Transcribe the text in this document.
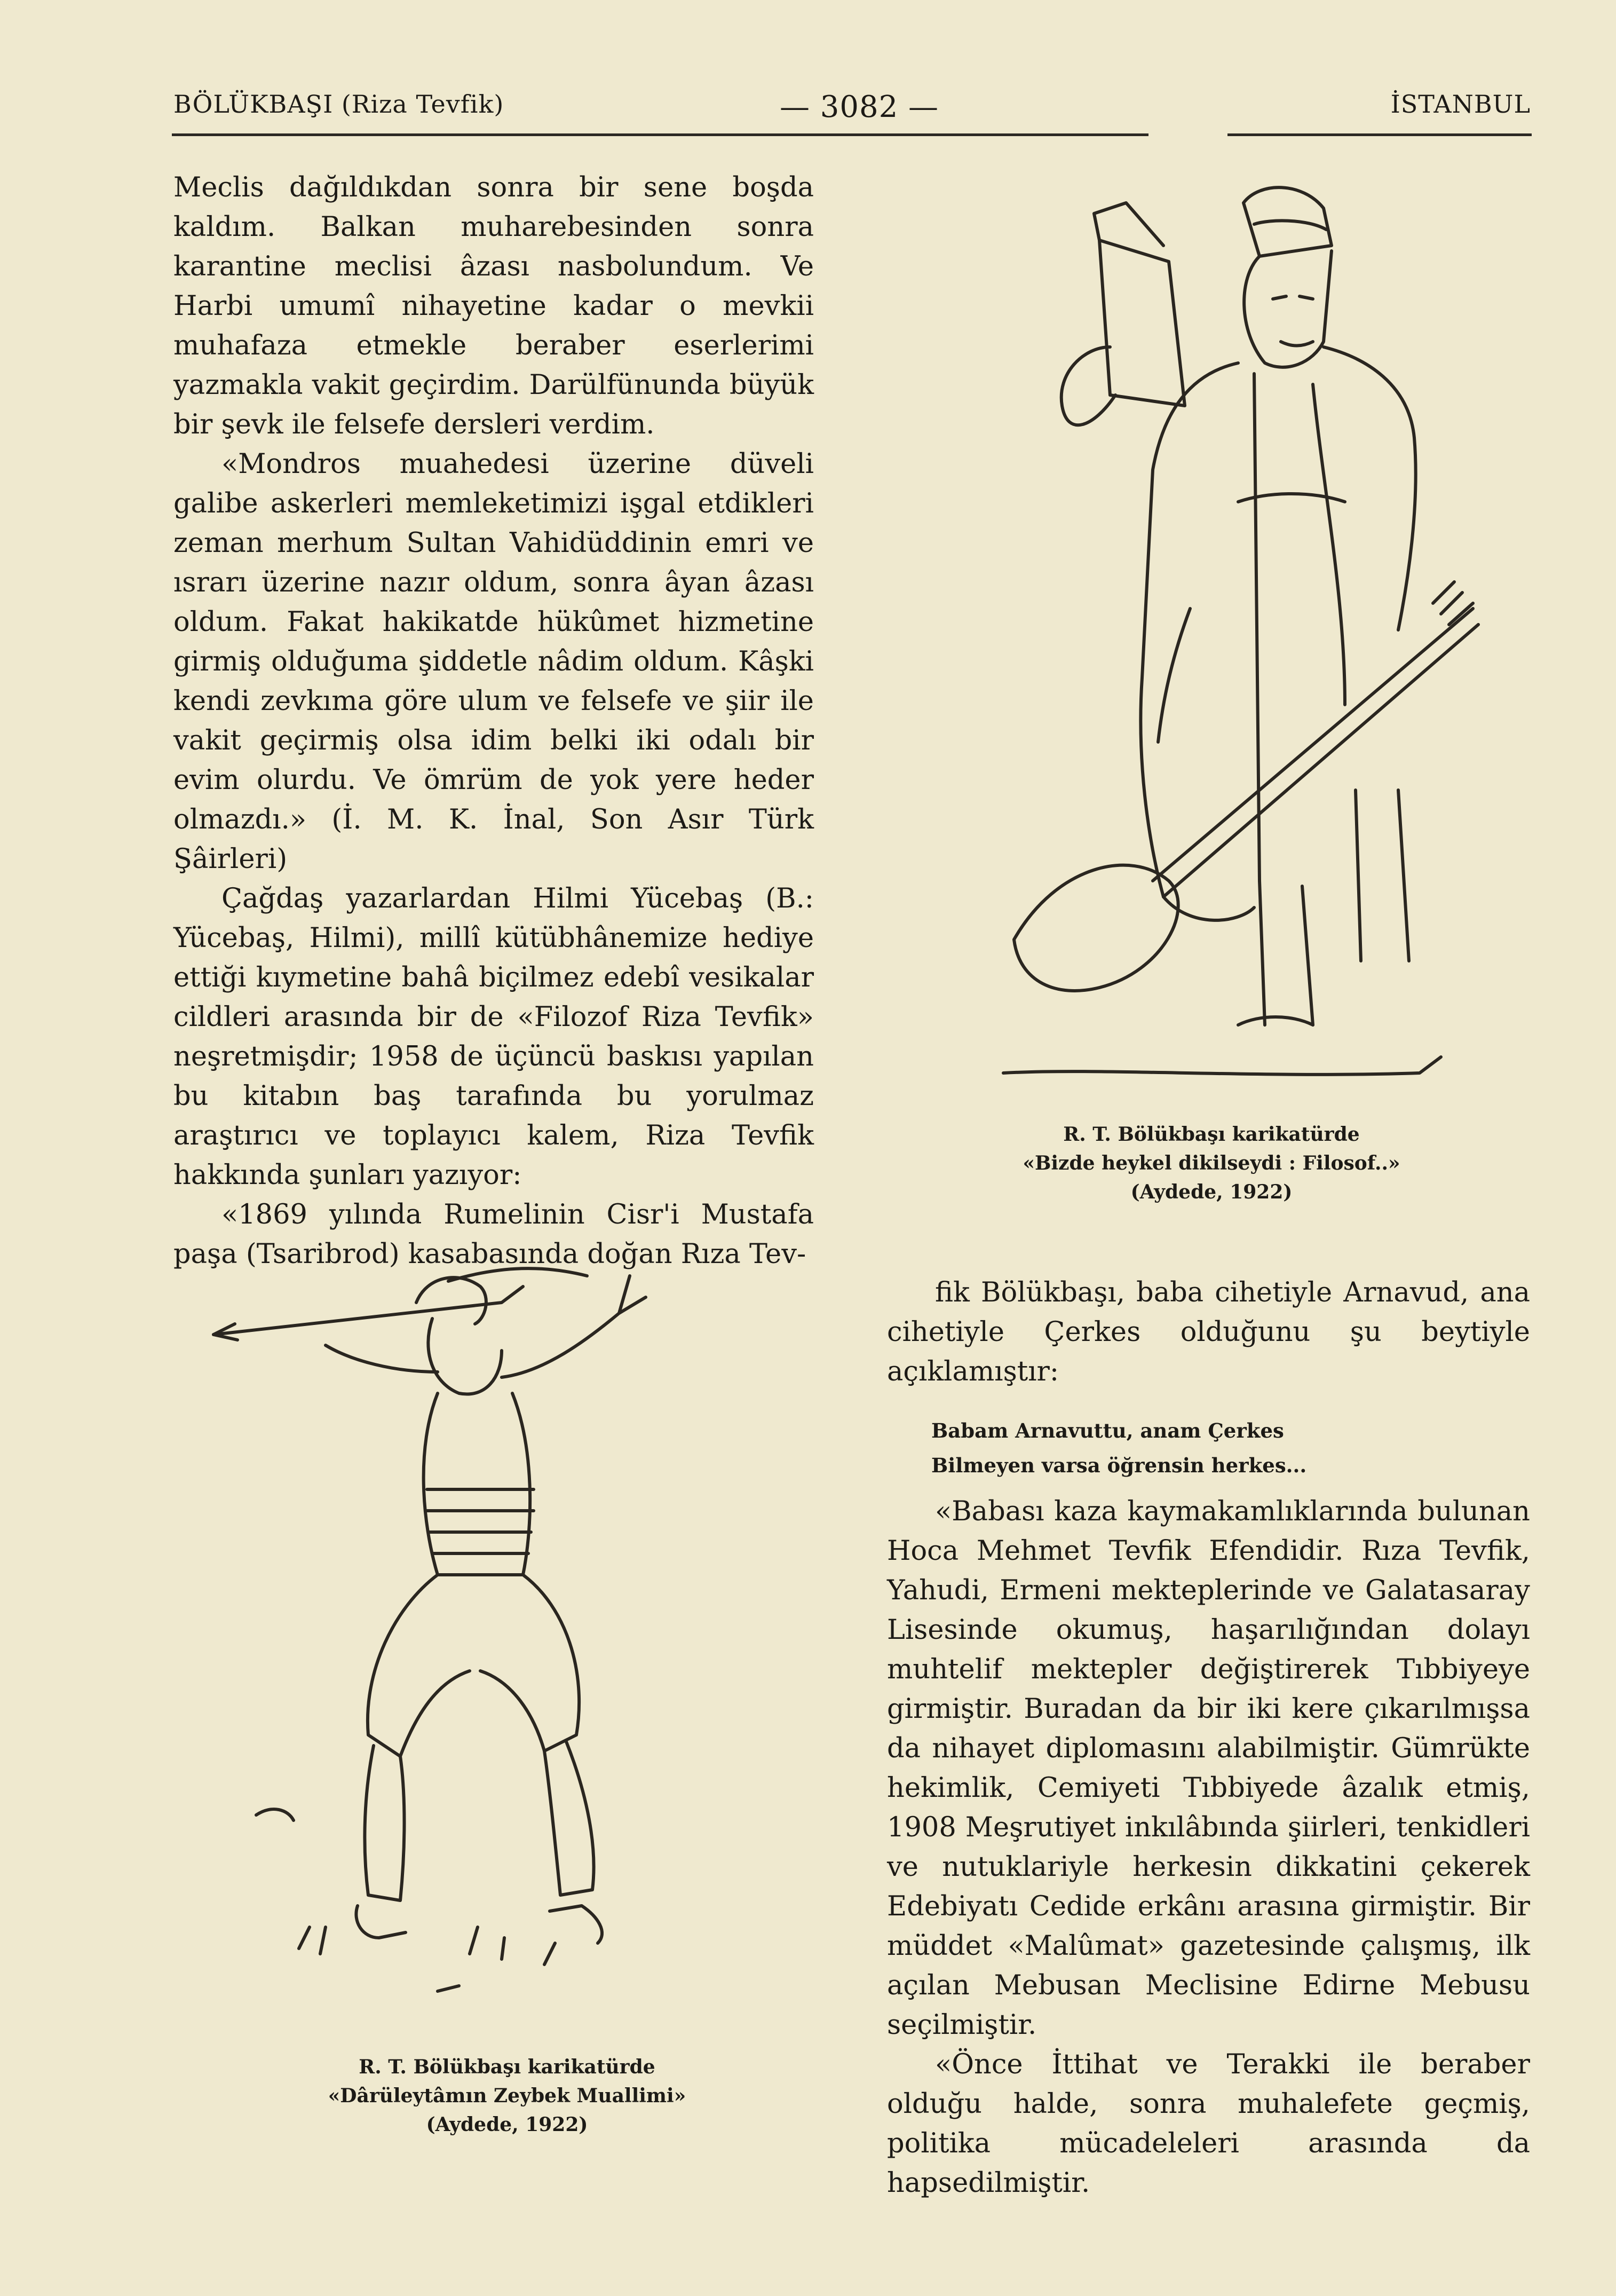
BÖLÜKBAŞI (Riza Tevfik)	— 3082 —	İSTANBUL

Meclis dağıldıkdan sonra bir sene boşda kaldım. Balkan muharebesinden sonra karantine meclisi âzası nasbolundum. Ve Harbi umumî nihayetine kadar o mevkii muhafaza etmekle beraber eserlerimi yazmakla vakit geçirdim. Darülfünunda büyük bir şevk ile felsefe dersleri verdim.

«Mondros muahedesi üzerine düveli galibe askerleri memleketimizi işgal etdikleri zeman merhum Sultan Vahidüddinin emri ve ısrarı üzerine nazır oldum, sonra âyan âzası oldum. Fakat hakikatde hükûmet hizmetine girmiş olduğuma şiddetle nâdim oldum. Kâşki kendi zevkıma göre ulum ve felsefe ve şiir ile vakit geçirmiş olsa idim belki iki odalı bir evim olurdu. Ve ömrüm de yok yere heder olmazdı.» (İ. M. K. İnal, Son Asır Türk Şâirleri)

Çağdaş yazarlardan Hilmi Yücebaş (B.: Yücebaş, Hilmi), millî kütübhânemize hediye ettiği kıymetine bahâ biçilmez edebî vesikalar cildleri arasında bir de «Filozof Riza Tevfik» neşretmişdir; 1958 de üçüncü baskısı yapılan bu kitabın baş tarafında bu yorulmaz araştırıcı ve toplayıcı kalem, Riza Tevfik hakkında şunları yazıyor:

«1869 yılında Rumelinin Cisr'i Mustafa paşa (Tsaribrod) kasabasında doğan Rıza Tev-

R. T. Bölükbaşı karikatürde
«Bizde heykel dikilseydi : Filosof..»
(Aydede, 1922)
R. T. Bölükbaşı karikatürde
«Dârüleytâmın Zeybek Muallimi»
(Aydede, 1922)

fik Bölükbaşı, baba cihetiyle Arnavud, ana cihetiyle Çerkes olduğunu şu beytiyle açıklamıştır:

Babam Arnavuttu, anam Çerkes
Bilmeyen varsa öğrensin herkes...

«Babası kaza kaymakamlıklarında bulunan Hoca Mehmet Tevfik Efendidir. Rıza Tevfik, Yahudi, Ermeni mekteplerinde ve Galatasaray Lisesinde okumuş, haşarılığından dolayı muhtelif mektepler değiştirerek Tıbbiyeye girmiştir. Buradan da bir iki kere çıkarılmışsa da nihayet diplomasını alabilmiştir. Gümrükte hekimlik, Cemiyeti Tıbbiyede âzalık etmiş, 1908 Meşrutiyet inkılâbında şiirleri, tenkidleri ve nutuklariyle herkesin dikkatini çekerek Edebiyatı Cedide erkânı arasına girmiştir. Bir müddet «Malûmat» gazetesinde çalışmış, ilk açılan Mebusan Meclisine Edirne Mebusu seçilmiştir.

«Önce İttihat ve Terakki ile beraber olduğu halde, sonra muhalefete geçmiş, politika mücadeleleri arasında da hapsedilmiştir.
